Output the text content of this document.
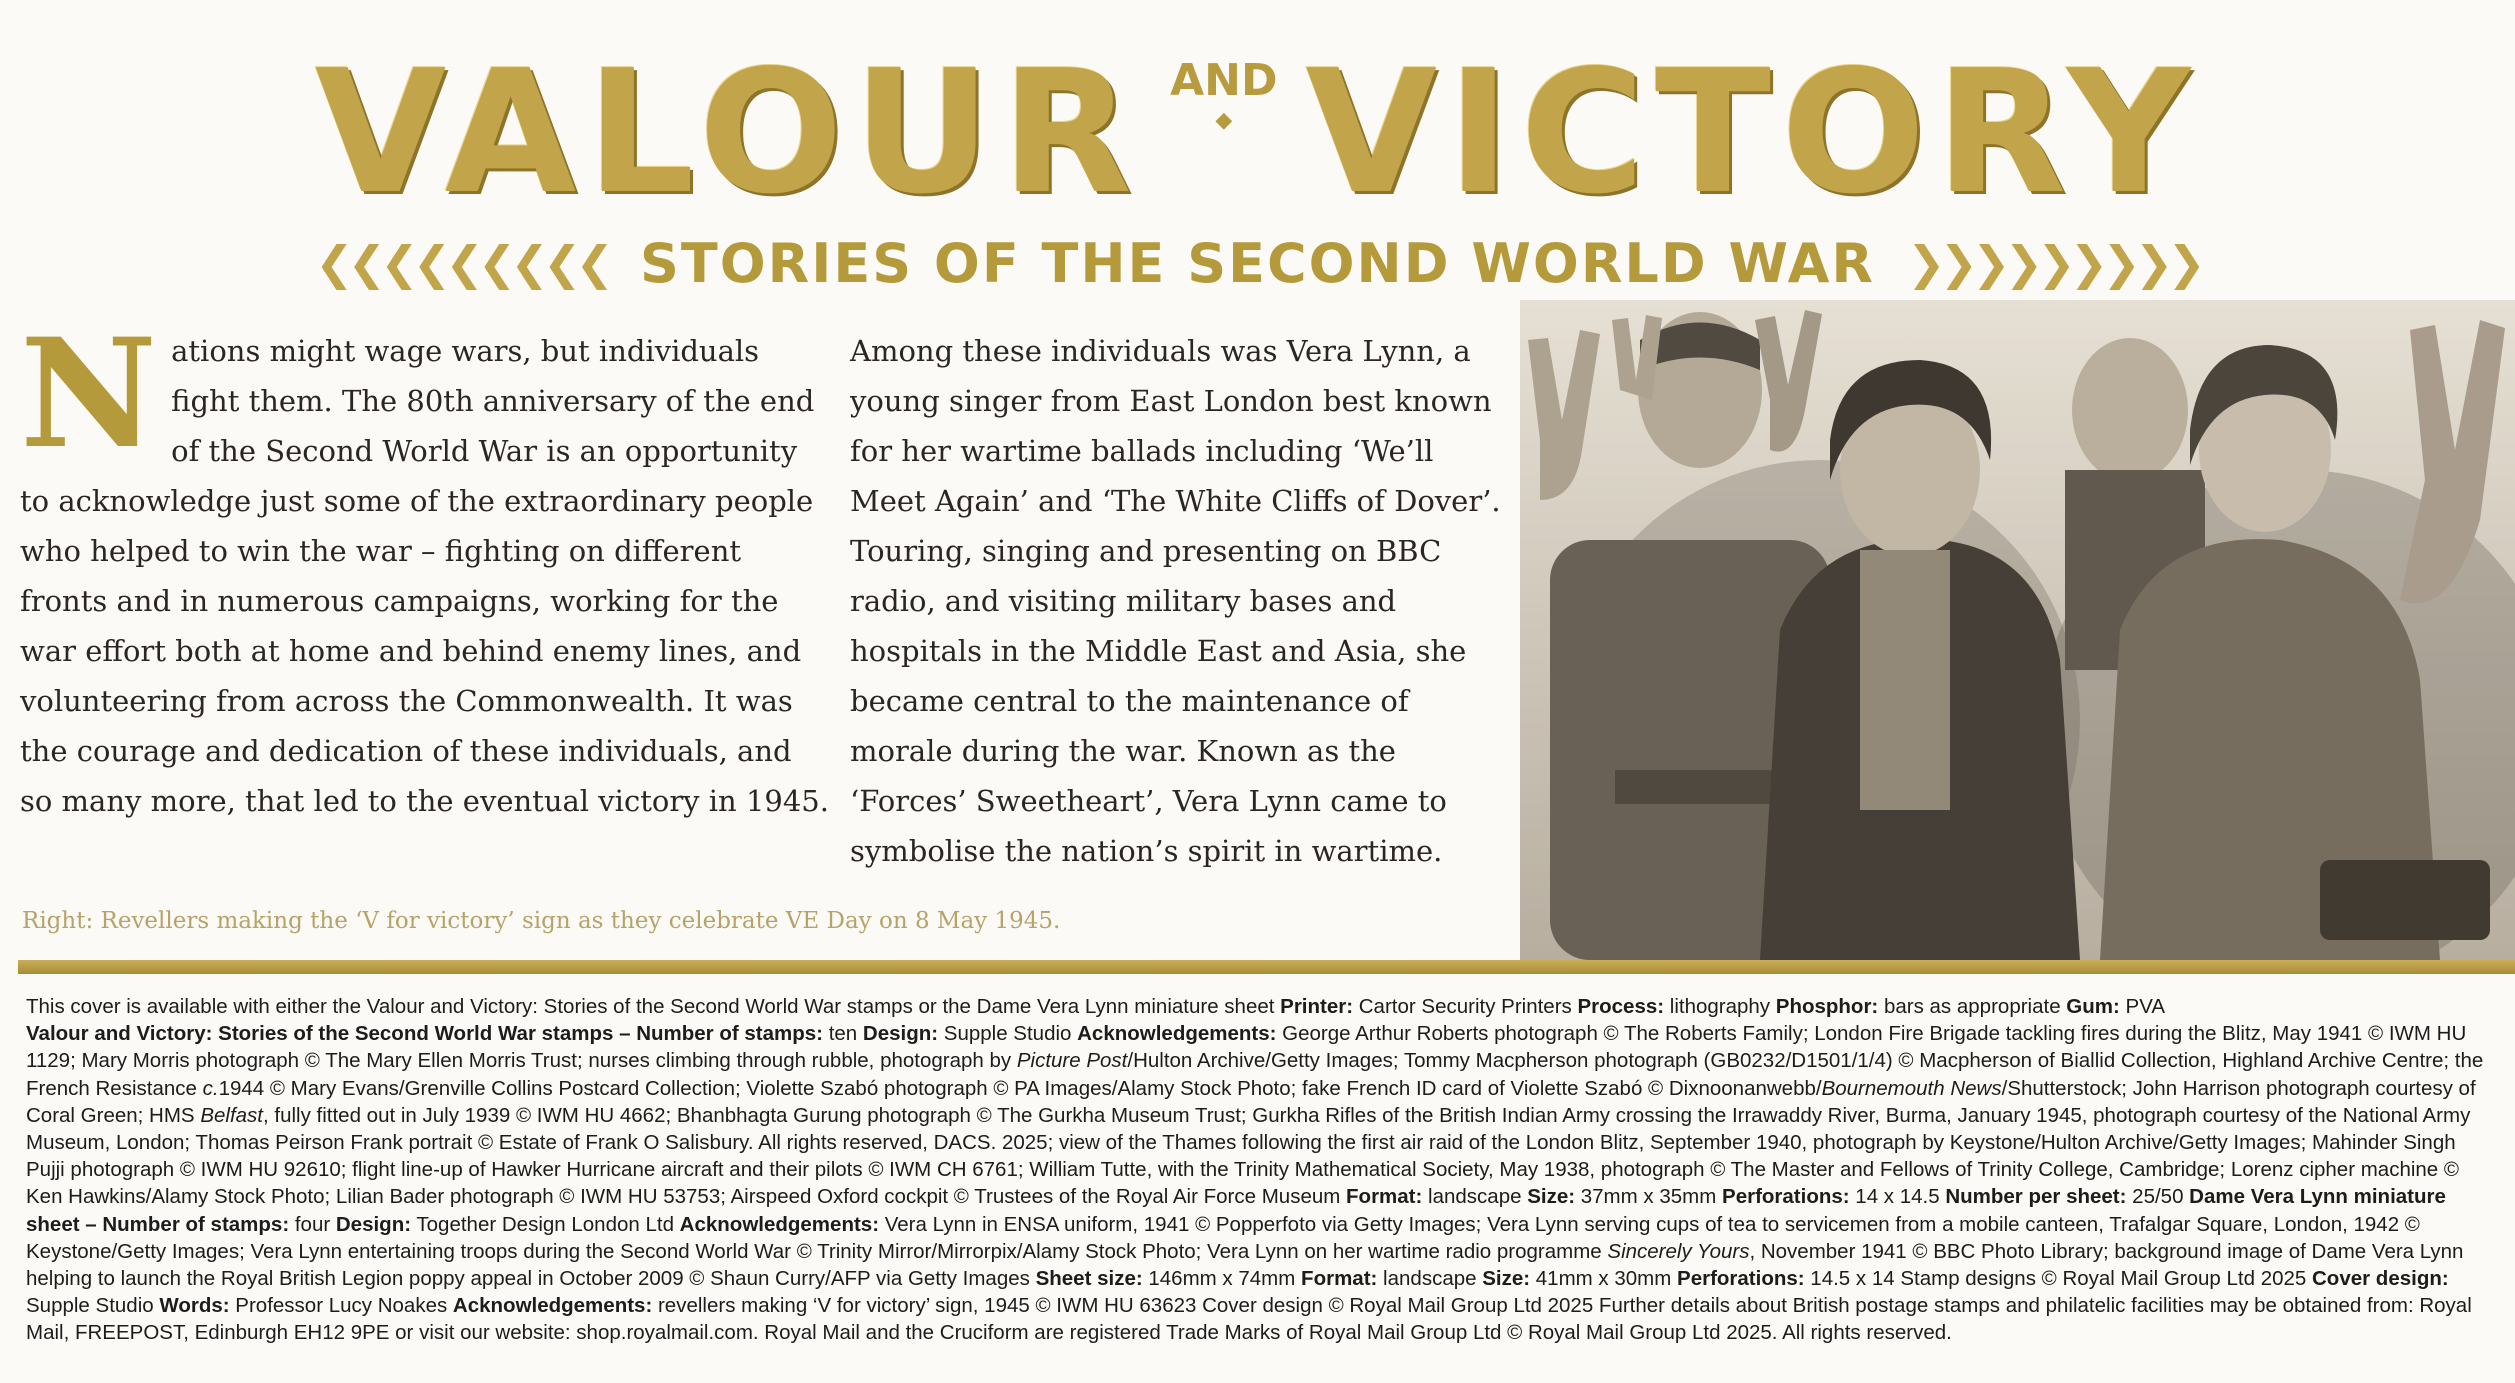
VALOUR AND
◆ VICTORY
❮❮❮❮❮❮❮❮❮ STORIES OF THE SECOND WORLD WAR ❯❯❯❯❯❯❯❯❯
N ations might wage wars, but individuals fight them. The 80th anniversary of the end of the Second World War is an opportunity to acknowledge just some of the extraordinary people who helped to win the war – fighting on different fronts and in numerous campaigns, working for the war effort both at home and behind enemy lines, and volunteering from across the Commonwealth. It was the courage and dedication of these individuals, and so many more, that led to the eventual victory in 1945.
Among these individuals was Vera Lynn, a young singer from East London best known for her wartime ballads including ‘We’ll Meet Again’ and ‘The White Cliffs of Dover’. Touring, singing and presenting on BBC radio, and visiting military bases and hospitals in the Middle East and Asia, she became central to the maintenance of morale during the war. Known as the ‘Forces’ Sweetheart’, Vera Lynn came to symbolise the nation’s spirit in wartime.
Right: Revellers making the ‘V for victory’ sign as they celebrate VE Day on 8 May 1945.
This cover is available with either the Valour and Victory: Stories of the Second World War stamps or the Dame Vera Lynn miniature sheet Printer: Cartor Security Printers Process: lithography Phosphor: bars as appropriate Gum: PVA
Valour and Victory: Stories of the Second World War stamps – Number of stamps: ten Design: Supple Studio Acknowledgements: George Arthur Roberts photograph © The Roberts Family; London Fire Brigade tackling fires during the Blitz, May 1941 © IWM HU 1129; Mary Morris photograph © The Mary Ellen Morris Trust; nurses climbing through rubble, photograph by Picture Post/Hulton Archive/Getty Images; Tommy Macpherson photograph (GB0232/D1501/1/4) © Macpherson of Biallid Collection, Highland Archive Centre; the French Resistance c.1944 © Mary Evans/Grenville Collins Postcard Collection; Violette Szabó photograph © PA Images/Alamy Stock Photo; fake French ID card of Violette Szabó © Dixnoonanwebb/Bournemouth News/Shutterstock; John Harrison photograph courtesy of Coral Green; HMS Belfast, fully fitted out in July 1939 © IWM HU 4662; Bhanbhagta Gurung photograph © The Gurkha Museum Trust; Gurkha Rifles of the British Indian Army crossing the Irrawaddy River, Burma, January 1945, photograph courtesy of the National Army Museum, London; Thomas Peirson Frank portrait © Estate of Frank O Salisbury. All rights reserved, DACS. 2025; view of the Thames following the first air raid of the London Blitz, September 1940, photograph by Keystone/Hulton Archive/Getty Images; Mahinder Singh Pujji photograph © IWM HU 92610; flight line-up of Hawker Hurricane aircraft and their pilots © IWM CH 6761; William Tutte, with the Trinity Mathematical Society, May 1938, photograph © The Master and Fellows of Trinity College, Cambridge; Lorenz cipher machine © Ken Hawkins/Alamy Stock Photo; Lilian Bader photograph © IWM HU 53753; Airspeed Oxford cockpit © Trustees of the Royal Air Force Museum Format: landscape Size: 37mm x 35mm Perforations: 14 x 14.5 Number per sheet: 25/50 Dame Vera Lynn miniature sheet – Number of stamps: four Design: Together Design London Ltd Acknowledgements: Vera Lynn in ENSA uniform, 1941 © Popperfoto via Getty Images; Vera Lynn serving cups of tea to servicemen from a mobile canteen, Trafalgar Square, London, 1942 © Keystone/Getty Images; Vera Lynn entertaining troops during the Second World War © Trinity Mirror/Mirrorpix/Alamy Stock Photo; Vera Lynn on her wartime radio programme Sincerely Yours, November 1941 © BBC Photo Library; background image of Dame Vera Lynn helping to launch the Royal British Legion poppy appeal in October 2009 © Shaun Curry/AFP via Getty Images Sheet size: 146mm x 74mm Format: landscape Size: 41mm x 30mm Perforations: 14.5 x 14 Stamp designs © Royal Mail Group Ltd 2025 Cover design: Supple Studio Words: Professor Lucy Noakes Acknowledgements: revellers making ‘V for victory’ sign, 1945 © IWM HU 63623 Cover design © Royal Mail Group Ltd 2025 Further details about British postage stamps and philatelic facilities may be obtained from: Royal Mail, FREEPOST, Edinburgh EH12 9PE or visit our website: shop.royalmail.com. Royal Mail and the Cruciform are registered Trade Marks of Royal Mail Group Ltd © Royal Mail Group Ltd 2025. All rights reserved.
